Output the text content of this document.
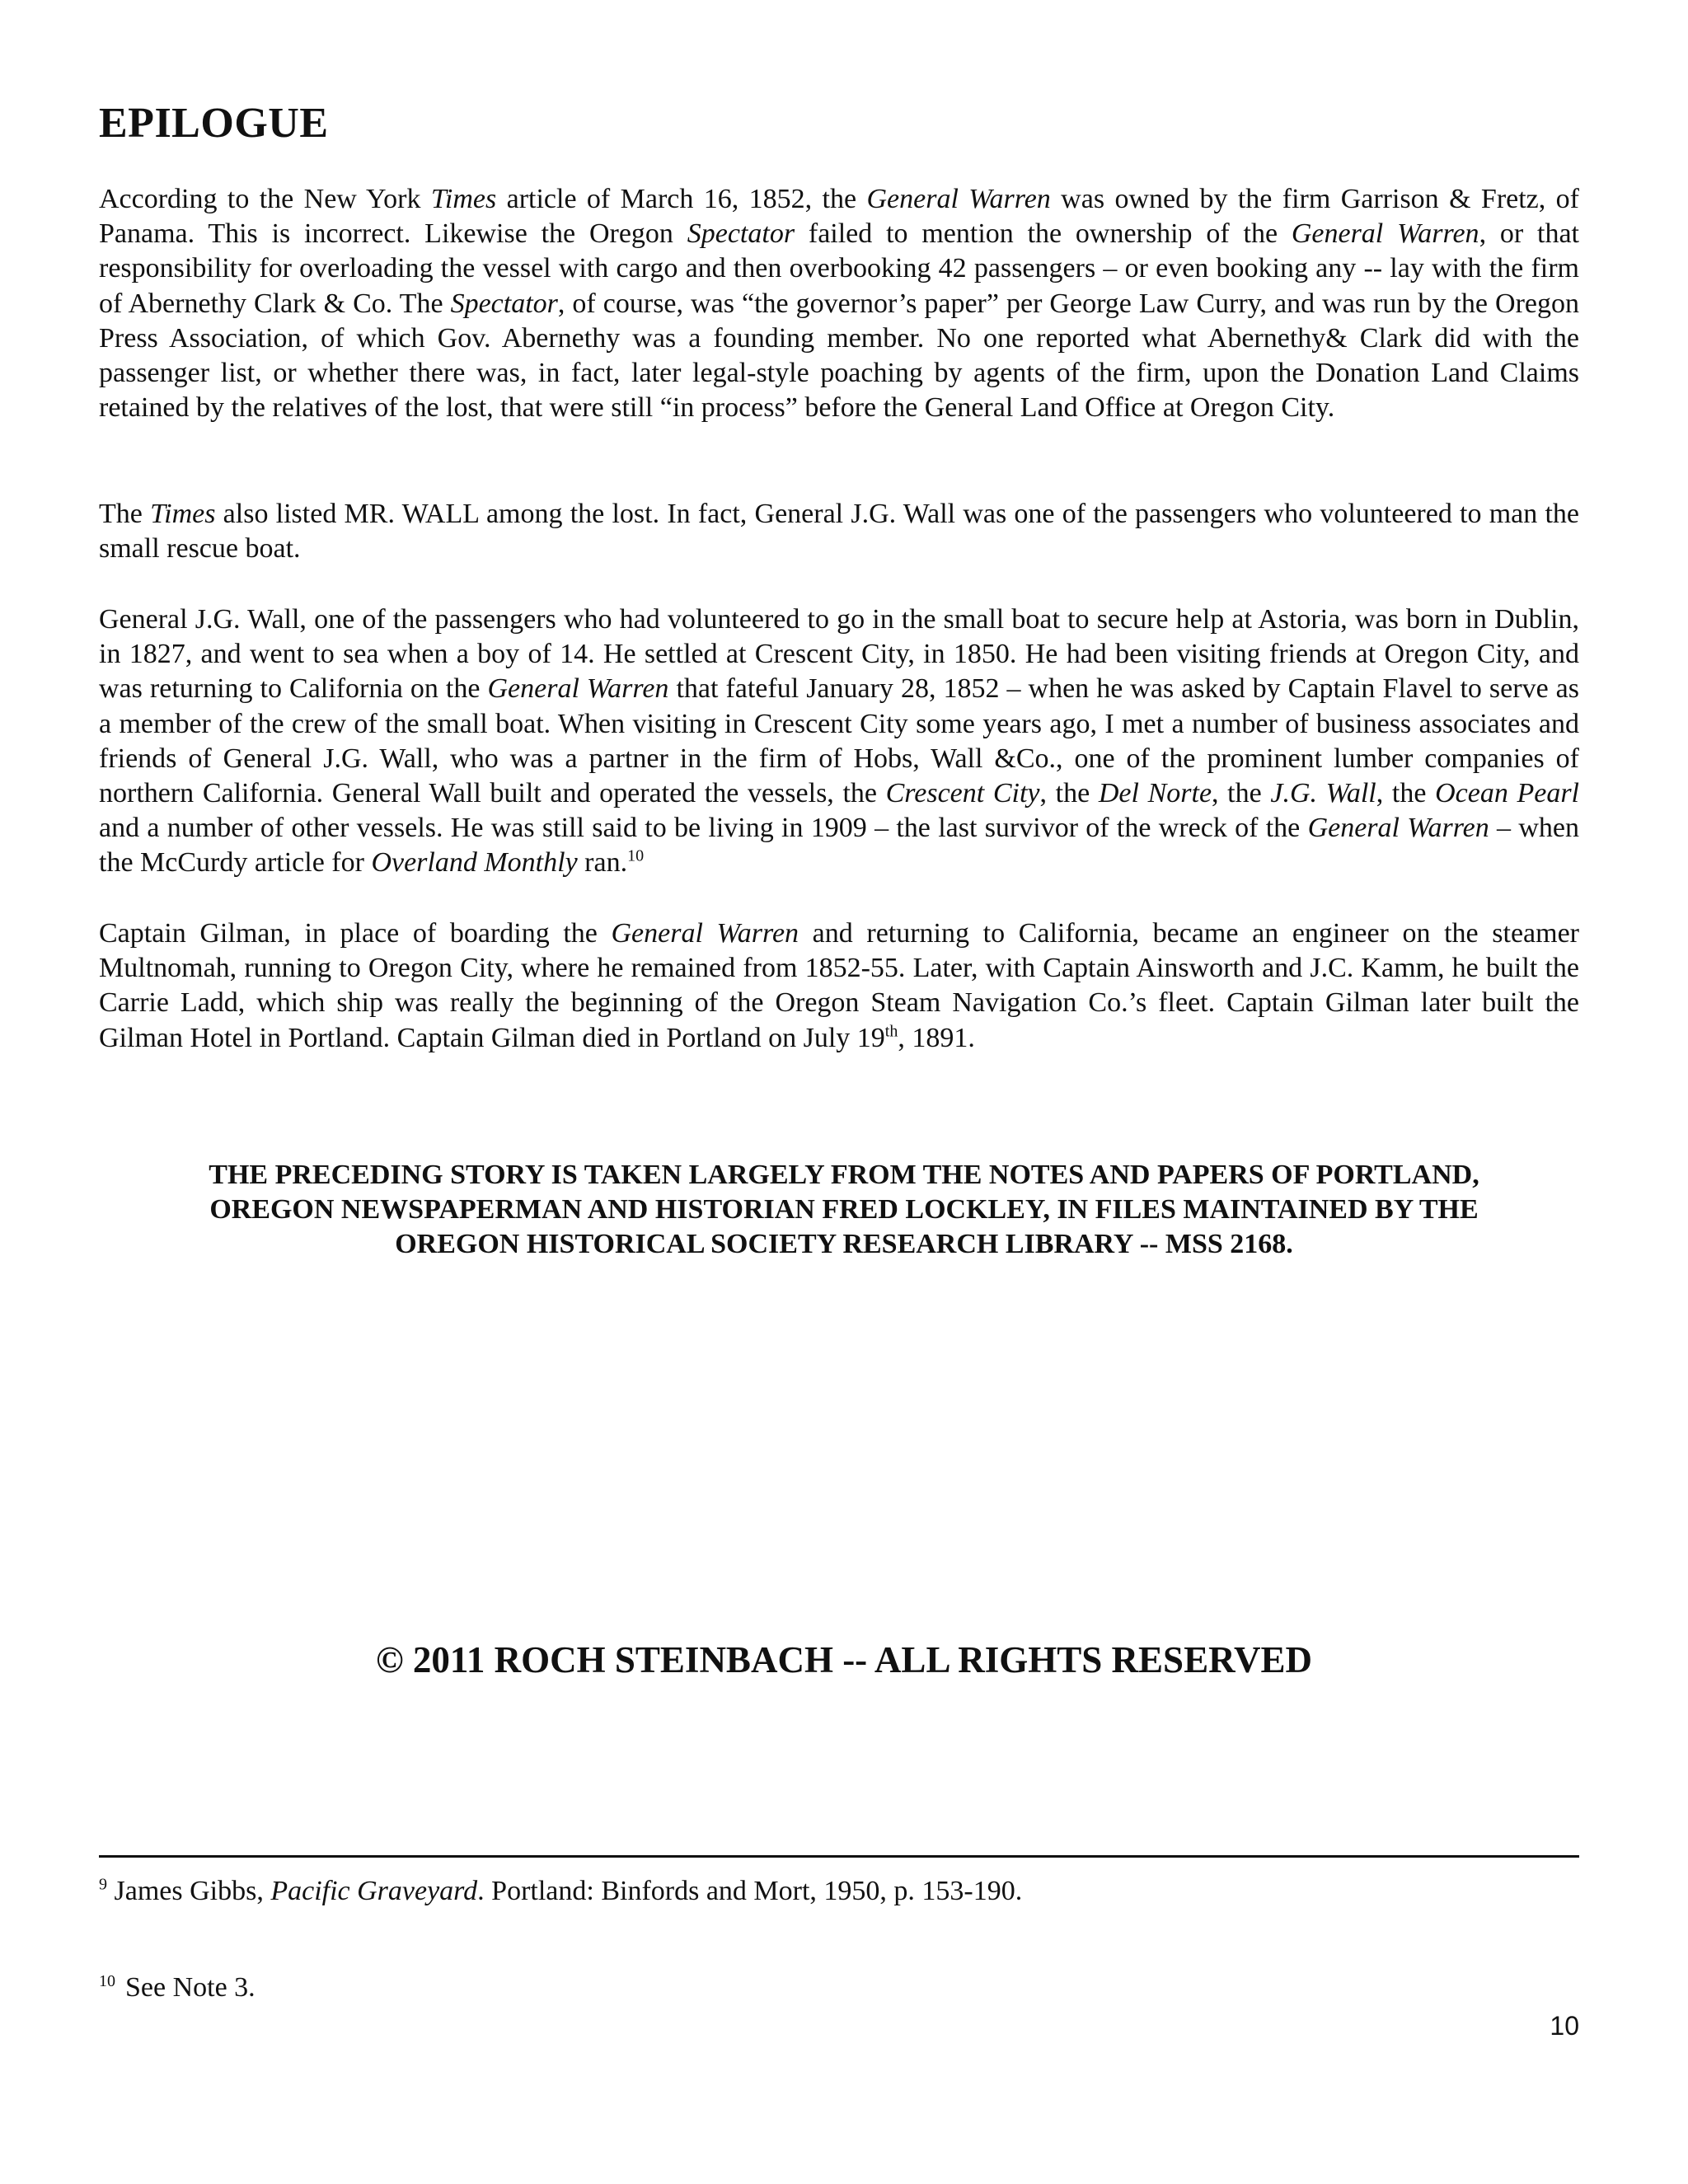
EPILOGUE

According to the New York Times article of March 16, 1852, the General Warren was owned by the firm Garrison & Fretz, of Panama. This is incorrect. Likewise the Oregon Spectator failed to mention the ownership of the General Warren, or that responsibility for overloading the vessel with cargo and then overbooking 42 passengers – or even booking any -- lay with the firm of Abernethy Clark & Co. The Spectator, of course, was “the governor’s paper” per George Law Curry, and was run by the Oregon Press Association, of which Gov. Abernethy was a founding member. No one reported what Abernethy& Clark did with the passenger list, or whether there was, in fact, later legal-style poaching by agents of the firm, upon the Donation Land Claims retained by the relatives of the lost, that were still “in process” before the General Land Office at Oregon City.

The Times also listed MR. WALL among the lost. In fact, General J.G. Wall was one of the passengers who volunteered to man the small rescue boat.

General J.G. Wall, one of the passengers who had volunteered to go in the small boat to secure help at Astoria, was born in Dublin, in 1827, and went to sea when a boy of 14. He settled at Crescent City, in 1850. He had been visiting friends at Oregon City, and was returning to California on the General Warren that fateful January 28, 1852 – when he was asked by Captain Flavel to serve as a member of the crew of the small boat. When visiting in Crescent City some years ago, I met a number of business associates and friends of General J.G. Wall, who was a partner in the firm of Hobs, Wall &Co., one of the prominent lumber companies of northern California. General Wall built and operated the vessels, the Crescent City, the Del Norte, the J.G. Wall, the Ocean Pearl and a number of other vessels. He was still said to be living in 1909 – the last survivor of the wreck of the General Warren – when the McCurdy article for Overland Monthly ran.$^{10}$

Captain Gilman, in place of boarding the General Warren and returning to California, became an engineer on the steamer Multnomah, running to Oregon City, where he remained from 1852-55. Later, with Captain Ainsworth and J.C. Kamm, he built the Carrie Ladd, which ship was really the beginning of the Oregon Steam Navigation Co.’s fleet. Captain Gilman later built the Gilman Hotel in Portland. Captain Gilman died in Portland on July 19th, 1891.

THE PRECEDING STORY IS TAKEN LARGELY FROM THE NOTES AND PAPERS OF PORTLAND,
OREGON NEWSPAPERMAN AND HISTORIAN FRED LOCKLEY, IN FILES MAINTAINED BY THE
OREGON HISTORICAL SOCIETY RESEARCH LIBRARY -- MSS 2168.

© 2011 ROCH STEINBACH -- ALL RIGHTS RESERVED

$^9$ James Gibbs, Pacific Graveyard. Portland: Binfords and Mort, 1950, p. 153-190.

$^{10}$ See Note 3.

10
